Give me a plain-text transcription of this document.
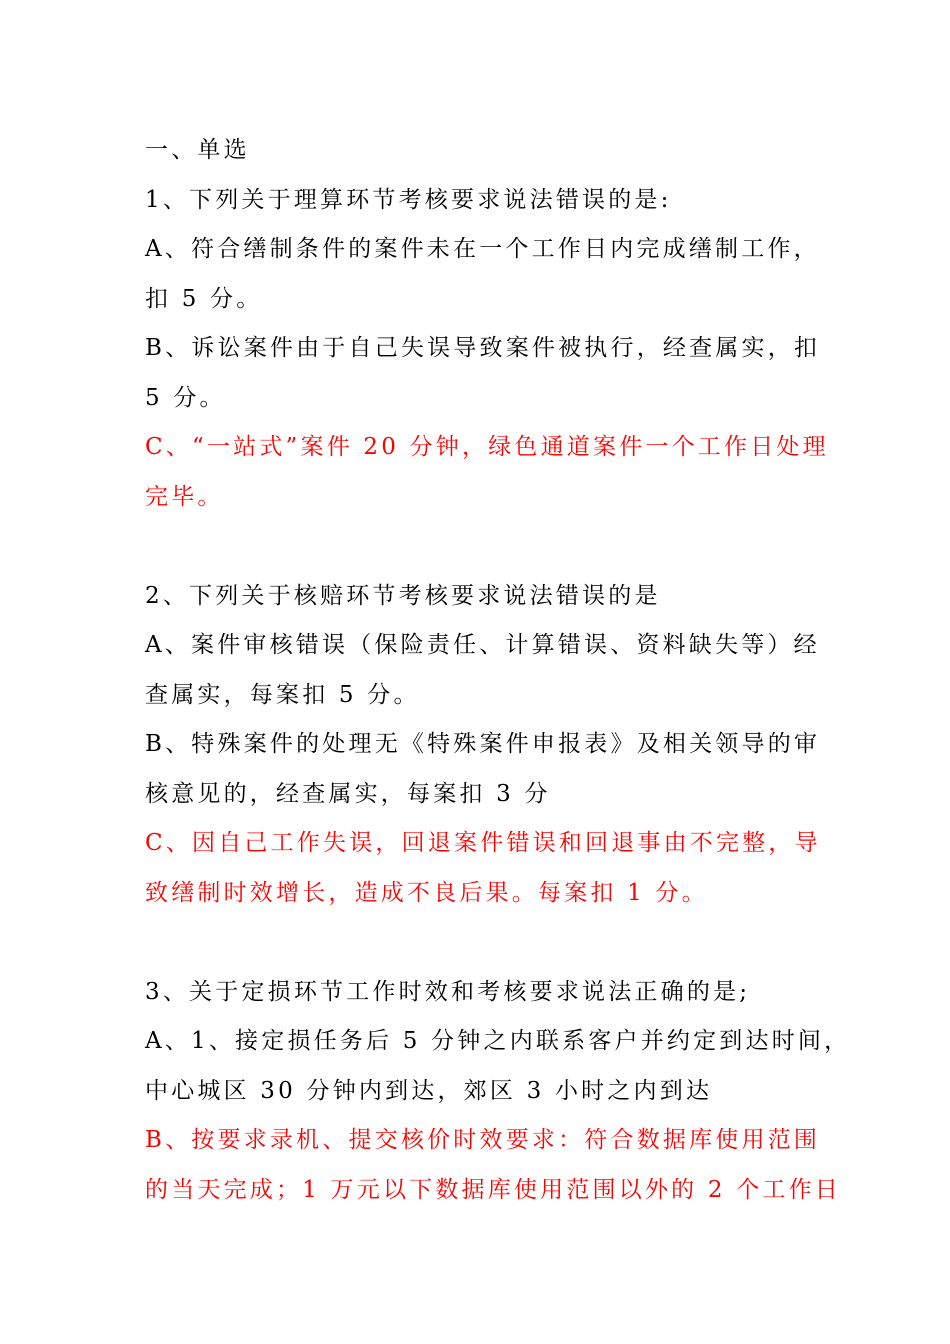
一、单选
1、下列关于理算环节考核要求说法错误的是:
A、符合缮制条件的案件未在一个工作日内完成缮制工作，
扣 5 分。
B、诉讼案件由于自己失误导致案件被执行，经查属实，扣
5 分。
C、“一站式”案件 20 分钟，绿色通道案件一个工作日处理
完毕。
2、下列关于核赔环节考核要求说法错误的是
A、案件审核错误（保险责任、计算错误、资料缺失等）经
查属实，每案扣 5 分。
B、特殊案件的处理无《特殊案件申报表》及相关领导的审
核意见的，经查属实，每案扣 3 分
C、因自己工作失误，回退案件错误和回退事由不完整，导
致缮制时效增长，造成不良后果。每案扣 1 分。
3、关于定损环节工作时效和考核要求说法正确的是;
A、1、接定损任务后 5 分钟之内联系客户并约定到达时间，
中心城区 30 分钟内到达，郊区 3 小时之内到达
B、按要求录机、提交核价时效要求：符合数据库使用范围
的当天完成；1 万元以下数据库使用范围以外的 2 个工作日
